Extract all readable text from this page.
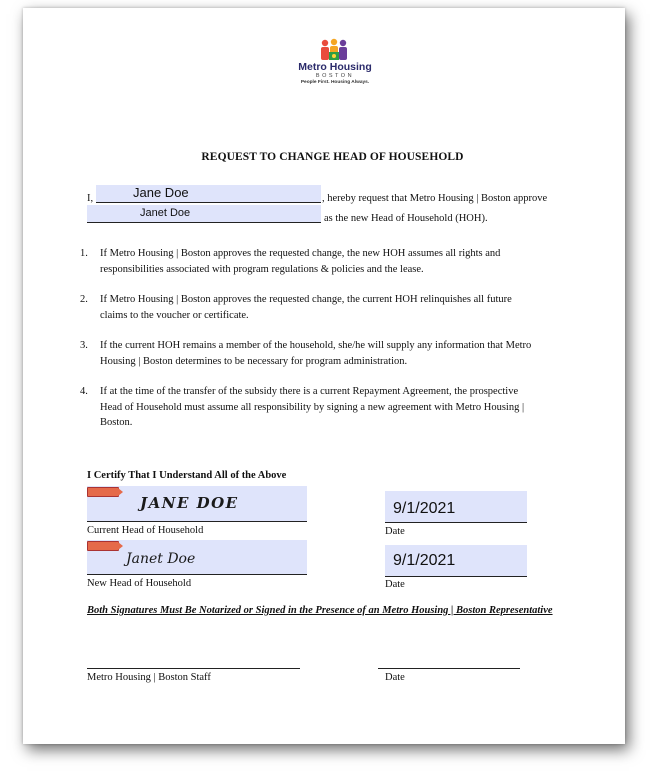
Metro Housing
BOSTON
People First. Housing Always.
REQUEST TO CHANGE HEAD OF HOUSEHOLD
I,	Jane Doe	, hereby request that Metro Housing | Boston approve
Janet Doe	as the new Head of Household (HOH).
1. If Metro Housing | Boston approves the requested change, the new HOH assumes all rights and responsibilities associated with program regulations & policies and the lease.
2. If Metro Housing | Boston approves the requested change, the current HOH relinquishes all future claims to the voucher or certificate.
3. If the current HOH remains a member of the household, she/he will supply any information that Metro Housing | Boston determines to be necessary for program administration.
4. If at the time of the transfer of the subsidy there is a current Repayment Agreement, the prospective Head of Household must assume all responsibility by signing a new agreement with Metro Housing | Boston.
I Certify That I Understand All of the Above
JANE DOE
Current Head of Household
9/1/2021
Date
Janet Doe
New Head of Household
9/1/2021
Date
Both Signatures Must Be Notarized or Signed in the Presence of an Metro Housing | Boston Representative
Metro Housing | Boston Staff	Date
